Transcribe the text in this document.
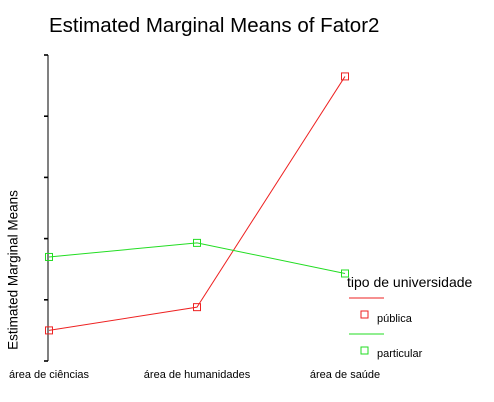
Estimated Marginal Means of Fator2
Estimated Marginal Means	tipo de universidade
pública
particular
área de ciências	área de humanidades	área de saúde
